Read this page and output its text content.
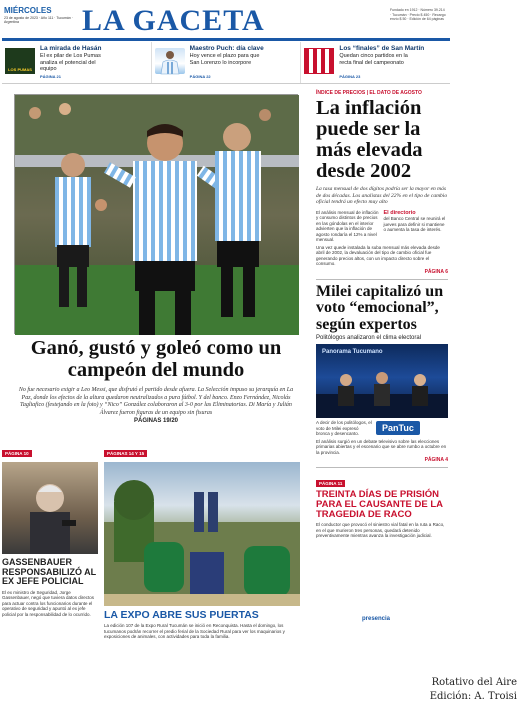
MIÉRCOLES
23 de agosto de 2023 · Año 111 · Tucumán · Argentina	LA GACETA	Fundado en 1912 · Número 39.214 · Tucumán · Precio $ 450 · Recargo envío $ 50 · Edición de 64 páginas
LOS PUMAS
La mirada de Hasán
El ex pilar de Los Pumas analiza el potencial del equipo
PÁGINA 21
Maestro Puch: día clave
Hoy vence el plazo para que San Lorenzo lo incorpore
PÁGINA 22
Los “finales” de San Martín
Quedan cinco partidos en la recta final del campeonato
PÁGINA 23
Ganó, gustó y goleó como un campeón del mundo
No fue necesario exigir a Leo Messi, que disfrutó el partido desde afuera. La Selección impuso su jerarquía en La Paz, donde los efectos de la altura quedaron neutralizados a pura fútbol. Y del banco. Enzo Fernández, Nicolás Tagliafico (festejando en la foto) y “Nico” González colaboraron al 3-0 por las Eliminatorias. Di María y Julián Álvarez fueron figuras de un equipo sin fisuras
PÁGINAS 19/20
ÍNDICE DE PRECIOS | EL DATO DE AGOSTO
La inflación puede ser la más elevada desde 2002
La tasa mensual de dos dígitos podría ser la mayor en más de dos décadas. Los analistas del 22% en el tipo de cambio oficial tendrá un efecto muy alto
El análisis mensual de inflación y consumo distintos de precios en las góndolas en el interior advierten que la inflación de agosto rondaría el 12% a nivel mensual.
El directorio
del Banco Central se reunirá el jueves para definir si mantiene o aumenta la tasa de interés.
Una vez quede instalada la suba mensual más elevada desde abril de 2002, la devaluación del tipo de cambio oficial fue generando precios altos, con un impacto directo sobre el consumo.
PÁGINA 6
Milei capitalizó un voto “emocional”, según expertos
Politólogos analizaron el clima electoral
Panorama Tucumano
A decir de los politólogos, el voto de Milei expresó bronca y desencanto.
PanTuc
El análisis surgió en un debate televisivo sobre las elecciones primarias abiertas y el escenario que se abre rumbo a octubre en la provincia.
PÁGINA 4
PÁGINA 11
TREINTA DÍAS DE PRISIÓN PARA EL CAUSANTE DE LA TRAGEDIA DE RACO
El conductor que provocó el siniestro vial fatal en la ruta a Raco, en el que murieron tres personas, quedará detenido preventivamente mientras avanza la investigación judicial.
PÁGINA 10
GASSENBAUER RESPONSABILIZÓ AL EX JEFE POLICIAL
El ex ministro de Seguridad, Jorge Gassenbauer, negó que tuviera datos directos para actuar contra los funcionarios durante el operativo de seguridad y apuntó al ex jefe policial por la responsabilidad de lo ocurrido.
PÁGINAS 14 Y 15
LA EXPO ABRE SUS PUERTAS
La edición 107 de la Expo Rural Tucumán se inició en Reconquista. Hasta el domingo, los tucumanos podrán recorrer el predio ferial de la Sociedad Rural para ver los maquinarios y exposiciones de animales, con actividades para toda la familia.
presencia
Rotativo del Aire
Edición: A. Troisi
